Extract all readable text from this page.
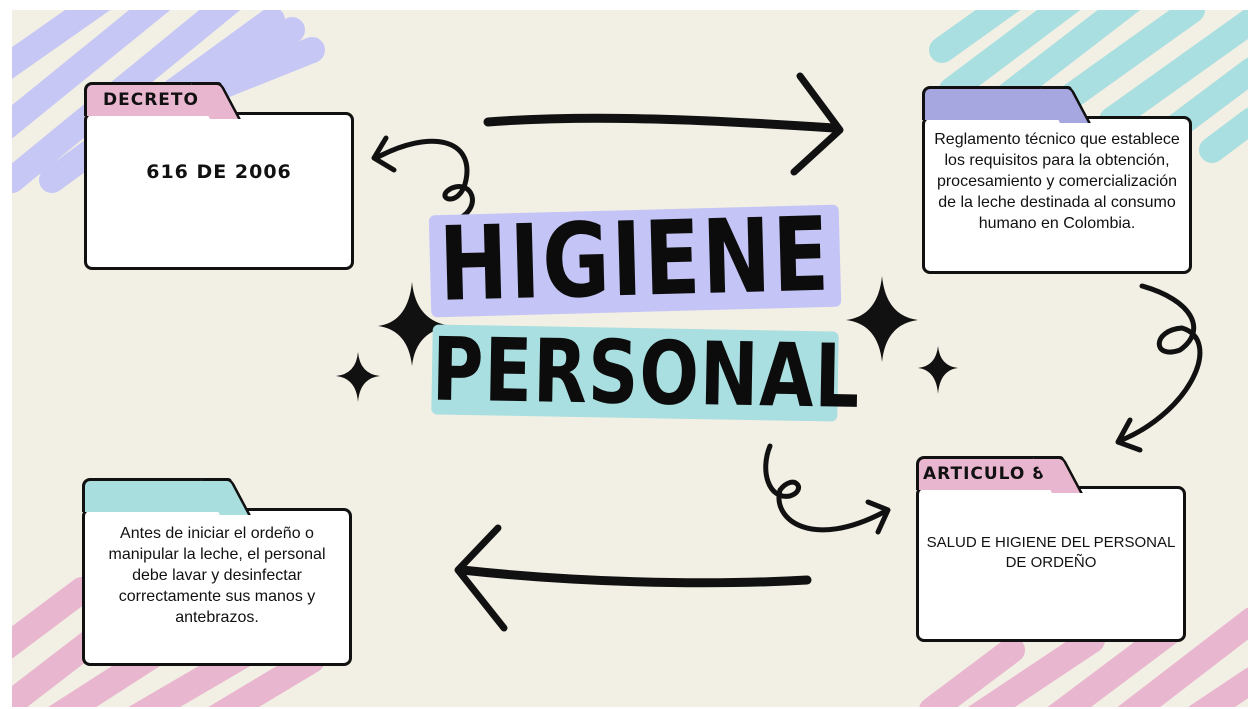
HIGIENE
PERSONAL
616 DE 2006
DECRETO
Reglamento técnico que establece los requisitos para la obtención, procesamiento y comercialización de la leche destinada al consumo humano en Colombia.
SALUD E HIGIENE DEL PERSONAL DE ORDEÑO
ARTICULO 8
Antes de iniciar el ordeño o manipular la leche, el personal debe lavar y desinfectar correctamente sus manos y antebrazos.
